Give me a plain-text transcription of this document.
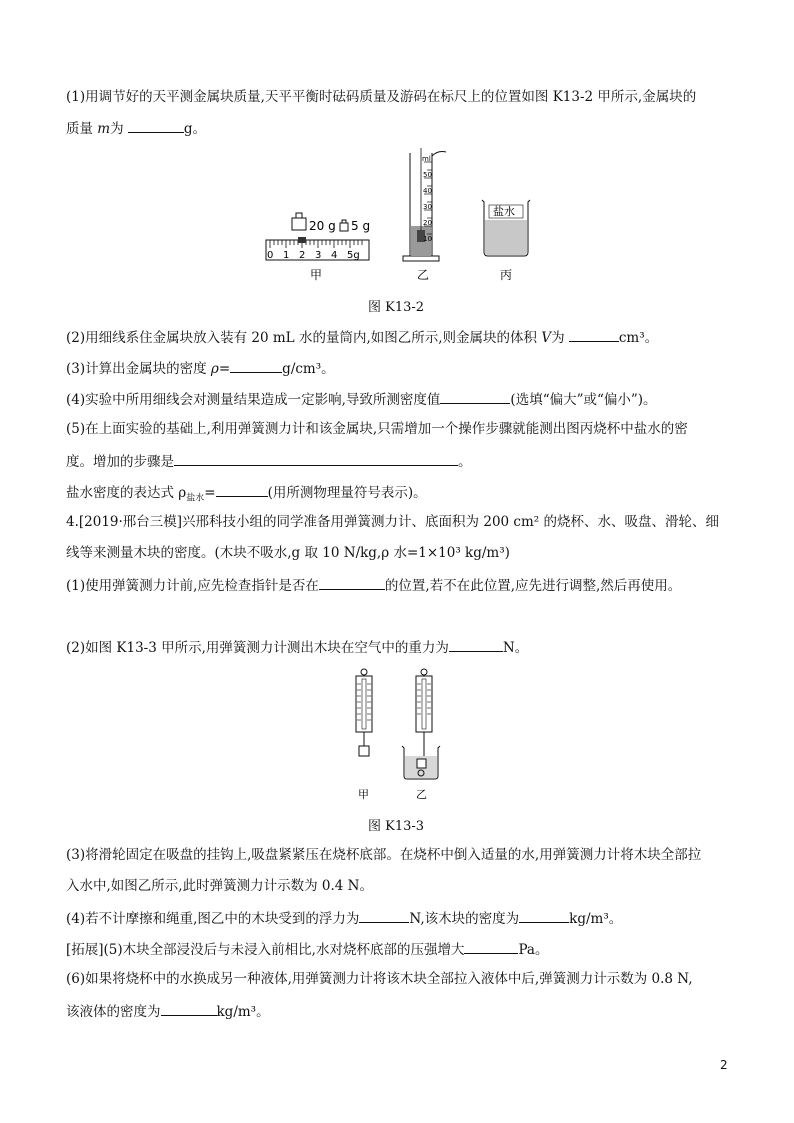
(1)用调节好的天平测金属块质量,天平平衡时砝码质量及游码在标尺上的位置如图 K13-2 甲所示,金属块的
质量 m为	g。
20 g 5 g
0 1 2 3 4 5g
甲
ml
50
40
30
20
10
乙
盐水
丙
图 K13-2
(2)用细线系住金属块放入装有 20 mL 水的量筒内,如图乙所示,则金属块的体积 V为	cm³。
(3)计算出金属块的密度 ρ=	g/cm³。
(4)实验中所用细线会对测量结果造成一定影响,导致所测密度值	(选填“偏大”或“偏小”)。
(5)在上面实验的基础上,利用弹簧测力计和该金属块,只需增加一个操作步骤就能测出图丙烧杯中盐水的密
度。增加的步骤是	。
盐水密度的表达式 $\rho_{盐水}=$	(用所测物理量符号表示)。
4.[2019·邢台三模]兴邢科技小组的同学准备用弹簧测力计、底面积为 200 cm² 的烧杯、水、吸盘、滑轮、细
线等来测量木块的密度。(木块不吸水,g 取 10 N/kg,ρ 水=1×10³ kg/m³)
(1)使用弹簧测力计前,应先检查指针是否在	的位置,若不在此位置,应先进行调整,然后再使用。
(2)如图 K13-3 甲所示,用弹簧测力计测出木块在空气中的重力为	N。
甲	乙
图 K13-3
(3)将滑轮固定在吸盘的挂钩上,吸盘紧紧压在烧杯底部。在烧杯中倒入适量的水,用弹簧测力计将木块全部拉
入水中,如图乙所示,此时弹簧测力计示数为 0.4 N。
(4)若不计摩擦和绳重,图乙中的木块受到的浮力为	N,该木块的密度为	kg/m³。
[拓展](5)木块全部浸没后与未浸入前相比,水对烧杯底部的压强增大	Pa。
(6)如果将烧杯中的水换成另一种液体,用弹簧测力计将该木块全部拉入液体中后,弹簧测力计示数为 0.8 N,
该液体的密度为	kg/m³。
2
